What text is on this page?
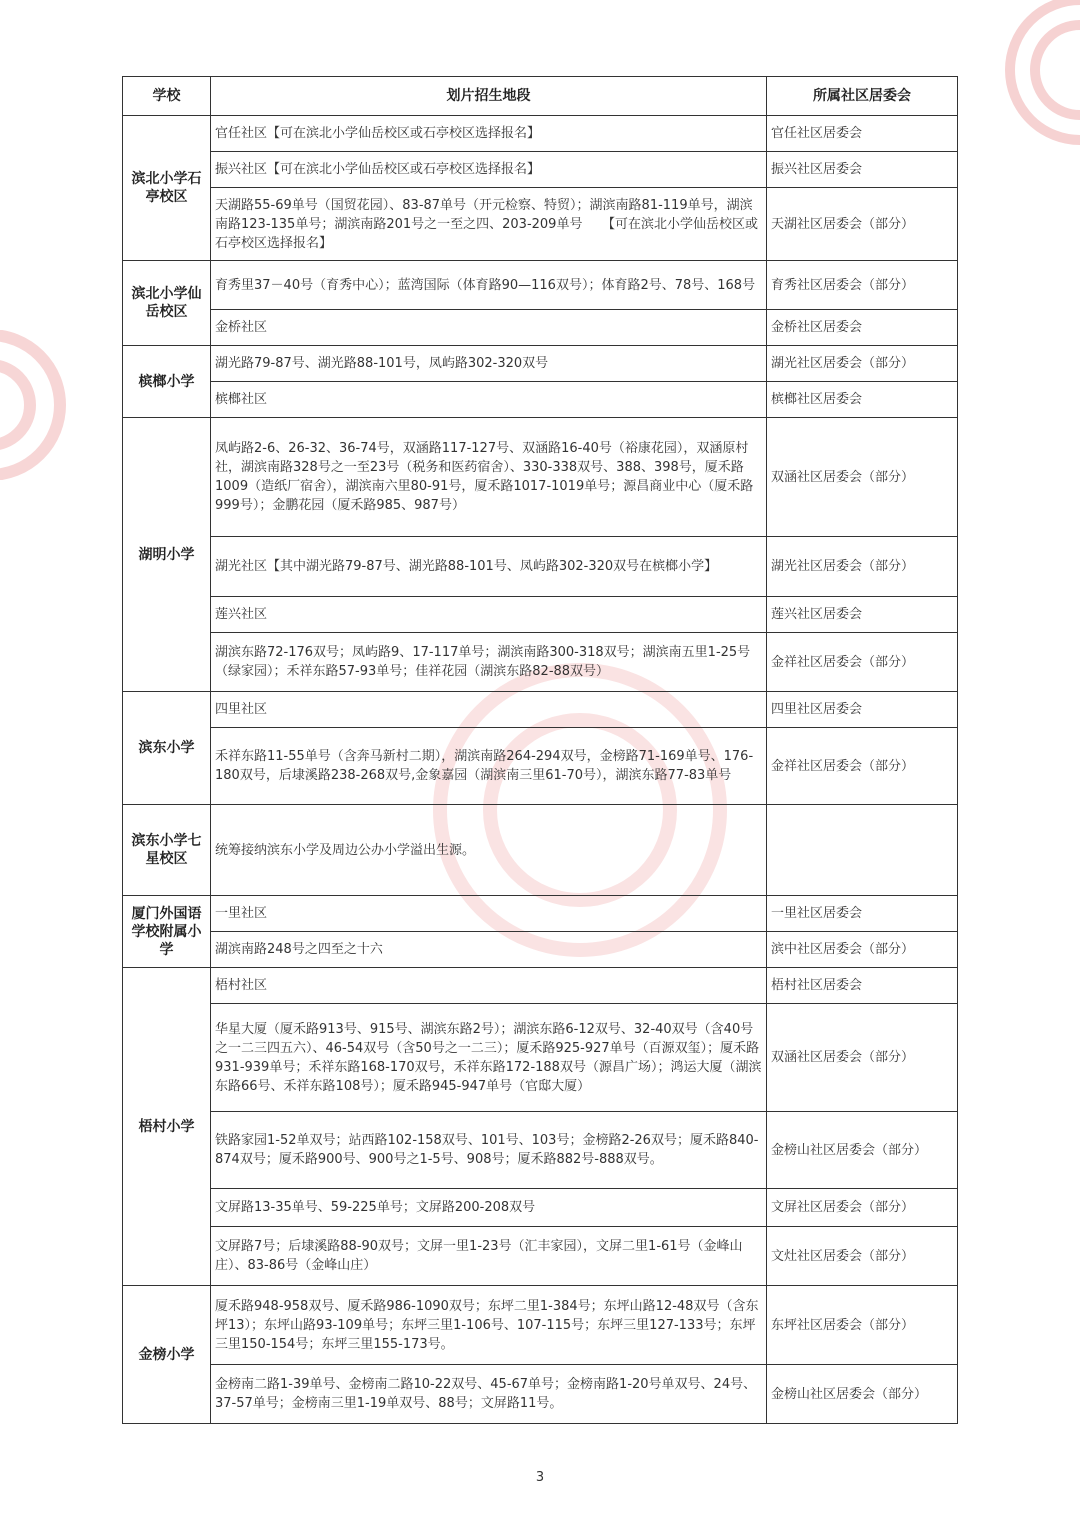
学校	划片招生地段	所属社区居委会
滨北小学石亭校区	官任社区【可在滨北小学仙岳校区或石亭校区选择报名】	官任社区居委会
	振兴社区【可在滨北小学仙岳校区或石亭校区选择报名】	振兴社区居委会
	天湖路55-69单号（国贸花园）、83-87单号（开元检察、特贸）；湖滨南路81-119单号，湖滨南路123-135单号；湖滨南路201号之一至之四、203-209单号　　【可在滨北小学仙岳校区或石亭校区选择报名】	天湖社区居委会（部分）
滨北小学仙岳校区	育秀里37－40号（育秀中心）；蓝湾国际（体育路90—116双号）；体育路2号、78号、168号	育秀社区居委会（部分）
	金桥社区	金桥社区居委会
槟榔小学	湖光路79-87号、湖光路88-101号，凤屿路302-320双号	湖光社区居委会（部分）
	槟榔社区	槟榔社区居委会
湖明小学	凤屿路2-6、26-32、36-74号，双涵路117-127号、双涵路16-40号（裕康花园），双涵原村社，湖滨南路328号之一至23号（税务和医药宿舍）、330-338双号、388、398号，厦禾路1009（造纸厂宿舍），湖滨南六里80-91号，厦禾路1017-1019单号；源昌商业中心（厦禾路999号）；金鹏花园（厦禾路985、987号）	双涵社区居委会（部分）
	湖光社区【其中湖光路79-87号、湖光路88-101号、凤屿路302-320双号在槟榔小学】	湖光社区居委会（部分）
	莲兴社区	莲兴社区居委会
	湖滨东路72-176双号；凤屿路9、17-117单号；湖滨南路300-318双号；湖滨南五里1-25号（绿家园）；禾祥东路57-93单号；佳祥花园（湖滨东路82-88双号）	金祥社区居委会（部分）
滨东小学	四里社区	四里社区居委会
	禾祥东路11-55单号（含奔马新村二期），湖滨南路264-294双号，金榜路71-169单号、176-180双号，后埭溪路238-268双号,金象嘉园（湖滨南三里61-70号），湖滨东路77-83单号	金祥社区居委会（部分）
滨东小学七星校区	统筹接纳滨东小学及周边公办小学溢出生源。	
厦门外国语学校附属小学	一里社区	一里社区居委会
	湖滨南路248号之四至之十六	滨中社区居委会（部分）
梧村小学	梧村社区	梧村社区居委会
	华星大厦（厦禾路913号、915号、湖滨东路2号）；湖滨东路6-12双号、32-40双号（含40号之一二三四五六）、46-54双号（含50号之一二三）；厦禾路925-927单号（百源双玺）；厦禾路931-939单号；禾祥东路168-170双号，禾祥东路172-188双号（源昌广场）；鸿运大厦（湖滨东路66号、禾祥东路108号）；厦禾路945-947单号（官邸大厦）	双涵社区居委会（部分）
	铁路家园1-52单双号；站西路102-158双号、101号、103号；金榜路2-26双号；厦禾路840-874双号；厦禾路900号、900号之1-5号、908号；厦禾路882号-888双号。	金榜山社区居委会（部分）
	文屏路13-35单号、59-225单号；文屏路200-208双号	文屏社区居委会（部分）
	文屏路7号；后埭溪路88-90双号；文屏一里1-23号（汇丰家园），文屏二里1-61号（金峰山庄）、83-86号（金峰山庄）	文灶社区居委会（部分）
金榜小学	厦禾路948-958双号、厦禾路986-1090双号；东坪二里1-384号；东坪山路12-48双号（含东坪13）；东坪山路93-109单号；东坪三里1-106号、107-115号；东坪三里127-133号；东坪三里150-154号；东坪三里155-173号。	东坪社区居委会（部分）
	金榜南二路1-39单号、金榜南二路10-22双号、45-67单号；金榜南路1-20号单双号、24号、37-57单号；金榜南三里1-19单双号、88号；文屏路11号。	金榜山社区居委会（部分）
3
